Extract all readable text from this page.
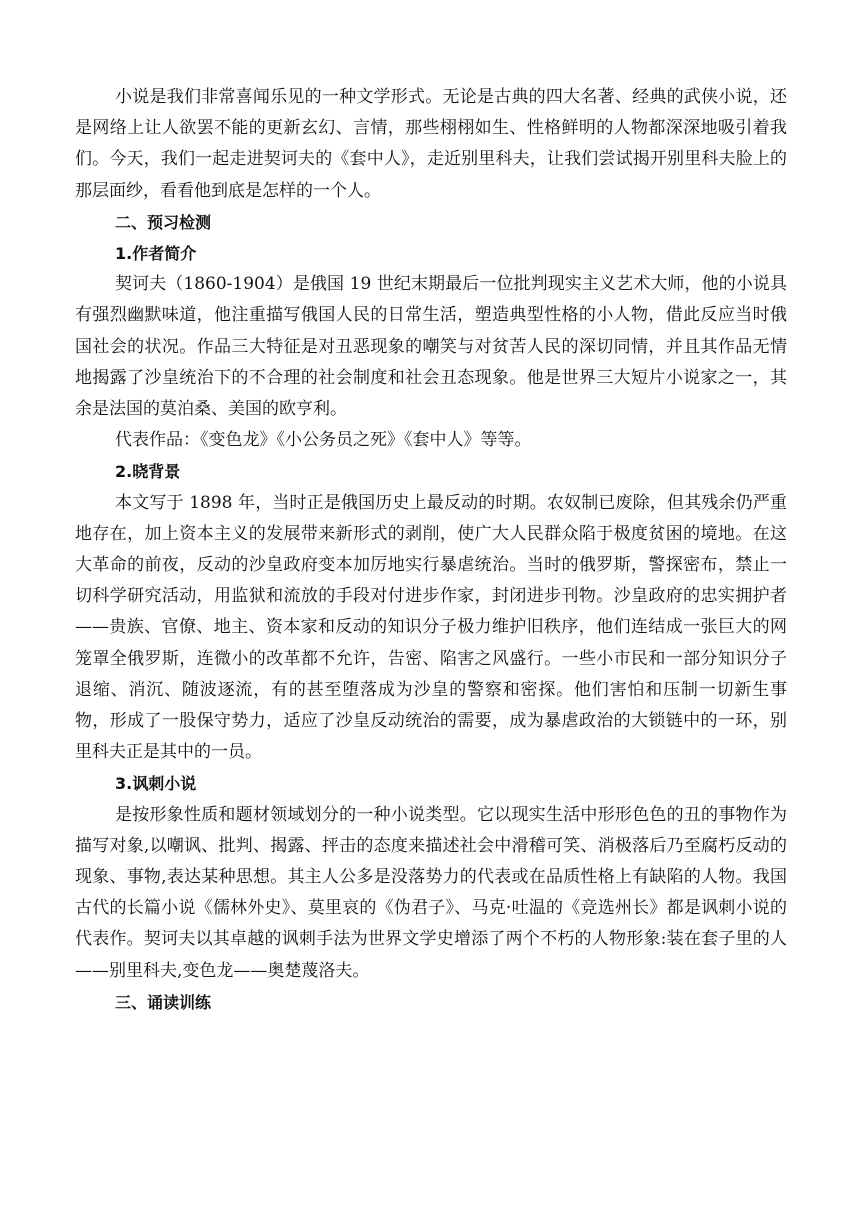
小说是我们非常喜闻乐见的一种文学形式。无论是古典的四大名著、经典的武侠小说，还是网络上让人欲罢不能的更新玄幻、言情，那些栩栩如生、性格鲜明的人物都深深地吸引着我们。今天，我们一起走进契诃夫的《套中人》，走近别里科夫，让我们尝试揭开别里科夫脸上的那层面纱，看看他到底是怎样的一个人。

二、预习检测

1.作者简介

契诃夫（1860-1904）是俄国 19 世纪末期最后一位批判现实主义艺术大师，他的小说具有强烈幽默味道，他注重描写俄国人民的日常生活，塑造典型性格的小人物，借此反应当时俄国社会的状况。作品三大特征是对丑恶现象的嘲笑与对贫苦人民的深切同情，并且其作品无情地揭露了沙皇统治下的不合理的社会制度和社会丑态现象。他是世界三大短片小说家之一，其余是法国的莫泊桑、美国的欧亨利。

代表作品：《变色龙》《小公务员之死》《套中人》等等。

2.晓背景

本文写于 1898 年，当时正是俄国历史上最反动的时期。农奴制已废除，但其残余仍严重地存在，加上资本主义的发展带来新形式的剥削，使广大人民群众陷于极度贫困的境地。在这大革命的前夜，反动的沙皇政府变本加厉地实行暴虐统治。当时的俄罗斯，警探密布，禁止一切科学研究活动，用监狱和流放的手段对付进步作家，封闭进步刊物。沙皇政府的忠实拥护者——贵族、官僚、地主、资本家和反动的知识分子极力维护旧秩序，他们连结成一张巨大的网笼罩全俄罗斯，连微小的改革都不允许，告密、陷害之风盛行。一些小市民和一部分知识分子退缩、消沉、随波逐流，有的甚至堕落成为沙皇的警察和密探。他们害怕和压制一切新生事物，形成了一股保守势力，适应了沙皇反动统治的需要，成为暴虐政治的大锁链中的一环，别里科夫正是其中的一员。

3.讽刺小说

是按形象性质和题材领域划分的一种小说类型。它以现实生活中形形色色的丑的事物作为描写对象,以嘲讽、批判、揭露、抨击的态度来描述社会中滑稽可笑、消极落后乃至腐朽反动的现象、事物,表达某种思想。其主人公多是没落势力的代表或在品质性格上有缺陷的人物。我国古代的长篇小说《儒林外史》、莫里哀的《伪君子》、马克·吐温的《竞选州长》都是讽刺小说的代表作。契诃夫以其卓越的讽刺手法为世界文学史增添了两个不朽的人物形象:装在套子里的人——别里科夫,变色龙——奥楚蔑洛夫。

三、诵读训练
